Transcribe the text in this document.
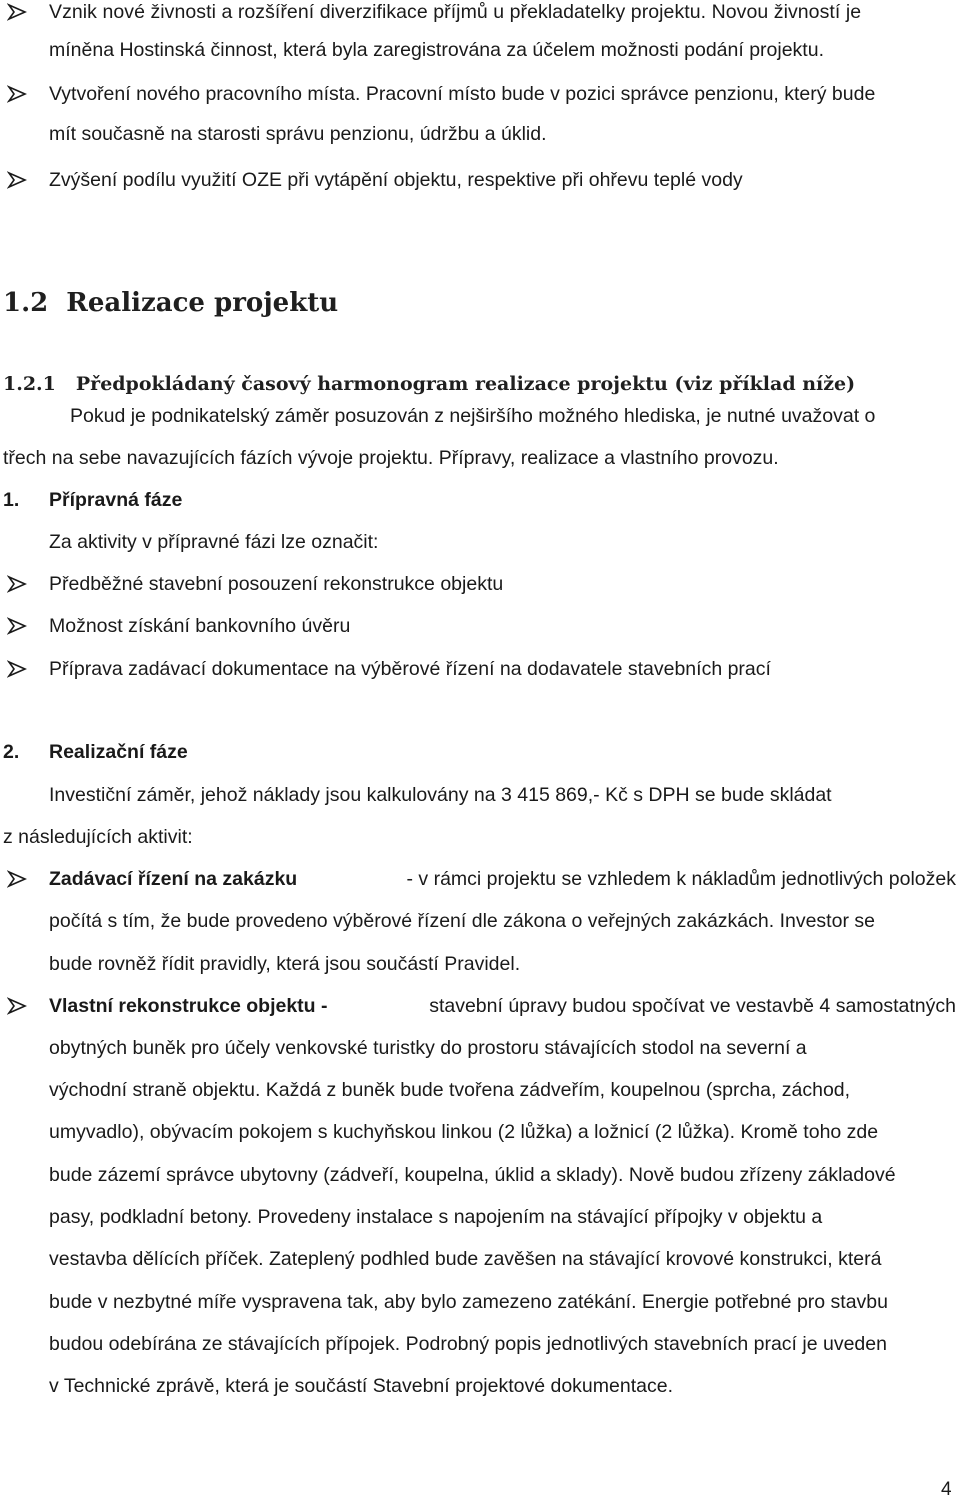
Vznik nové živnosti a rozšíření diverzifikace příjmů u překladatelky projektu. Novou živností je
míněna Hostinská činnost, která byla zaregistrována za účelem možnosti podání projektu.
Vytvoření nového pracovního místa. Pracovní místo bude v pozici správce penzionu, který bude
mít současně na starosti správu penzionu, údržbu a úklid.
Zvýšení podílu využití OZE při vytápění objektu, respektive při ohřevu teplé vody
1.2 Realizace projektu
1.2.1 Předpokládaný časový harmonogram realizace projektu (viz příklad níže)
Pokud je podnikatelský záměr posuzován z nejširšího možného hlediska, je nutné uvažovat o
třech na sebe navazujících fázích vývoje projektu. Přípravy, realizace a vlastního provozu.
1. Přípravná fáze
Za aktivity v přípravné fázi lze označit:
Předběžné stavební posouzení rekonstrukce objektu
Možnost získání bankovního úvěru
Příprava zadávací dokumentace na výběrové řízení na dodavatele stavebních prací
2. Realizační fáze
Investiční záměr, jehož náklady jsou kalkulovány na 3 415 869,- Kč s DPH se bude skládat
z následujících aktivit:
Zadávací řízení na zakázku	- v rámci projektu se vzhledem k nákladům jednotlivých položek
počítá s tím, že bude provedeno výběrové řízení dle zákona o veřejných zakázkách. Investor se
bude rovněž řídit pravidly, která jsou součástí Pravidel.
Vlastní rekonstrukce objektu -	stavební úpravy budou spočívat ve vestavbě 4 samostatných
obytných buněk pro účely venkovské turistky do prostoru stávajících stodol na severní a
východní straně objektu. Každá z buněk bude tvořena zádveřím, koupelnou (sprcha, záchod,
umyvadlo), obývacím pokojem s kuchyňskou linkou (2 lůžka) a ložnicí (2 lůžka). Kromě toho zde
bude zázemí správce ubytovny (zádveří, koupelna, úklid a sklady). Nově budou zřízeny základové
pasy, podkladní betony. Provedeny instalace s napojením na stávající přípojky v objektu a
vestavba dělících příček. Zateplený podhled bude zavěšen na stávající krovové konstrukci, která
bude v nezbytné míře vyspravena tak, aby bylo zamezeno zatékání. Energie potřebné pro stavbu
budou odebírána ze stávajících přípojek. Podrobný popis jednotlivých stavebních prací je uveden
v Technické zprávě, která je součástí Stavební projektové dokumentace.
4
